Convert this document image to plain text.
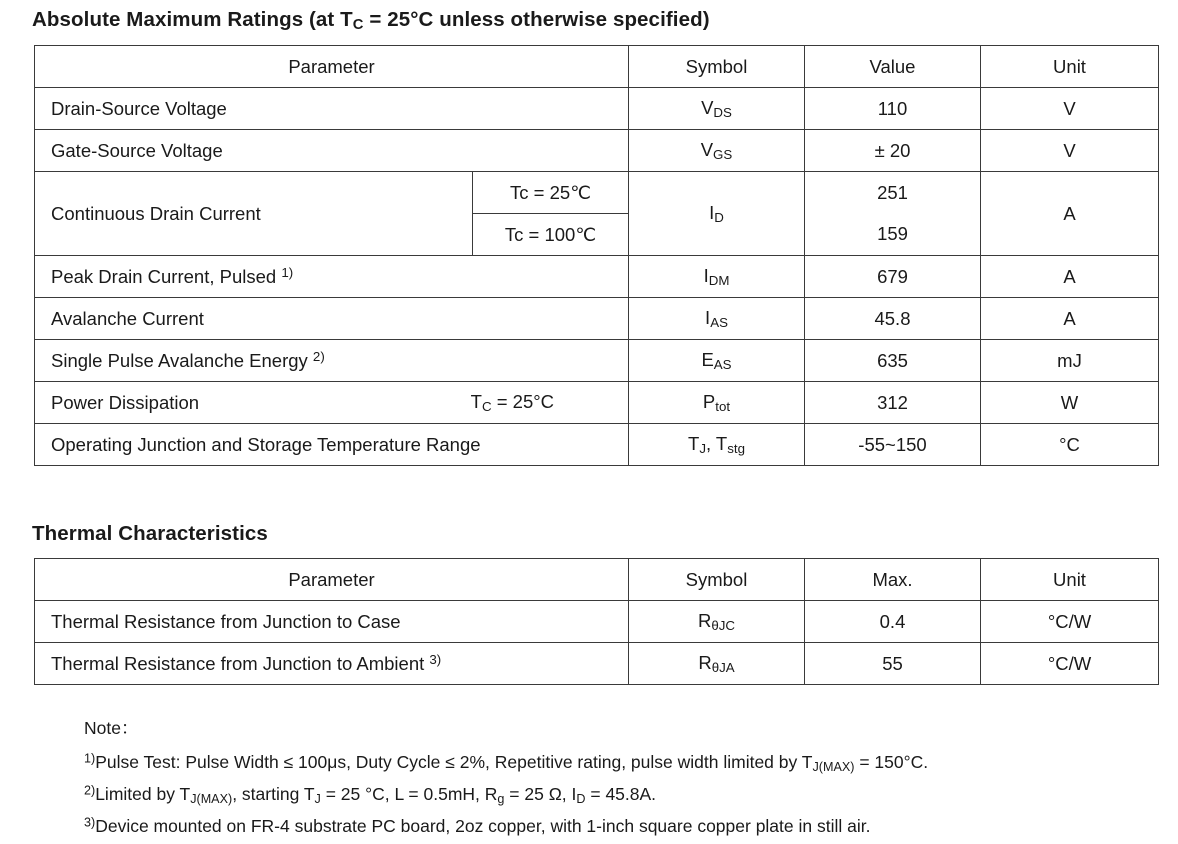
Absolute Maximum Ratings (at $T_C = 25^\circ C$ unless otherwise specified)
Parameter		Symbol	Value	Unit
Drain-Source Voltage		$V_{DS}$	110	V
Gate-Source Voltage		$V_{GS}$	± 20	V
Continuous Drain Current	Tc = 25℃	$I_D$	251	A
	Tc = 100℃		159	
Peak Drain Current, Pulsed $^{1)}$		$I_{DM}$	679	A
Avalanche Current		$I_{AS}$	45.8	A
Single Pulse Avalanche Energy $^{2)}$		$E_{AS}$	635	mJ

Power Dissipation $T_C = 25^\circ C$		$P_{tot}$	312	W
Operating Junction and Storage Temperature Range		$T_J$, $T_{stg}$	-55~150	°C
Thermal Characteristics
Parameter	Symbol	Max.	Unit
Thermal Resistance from Junction to Case	$R_{\theta JC}$	0.4	°C/W
Thermal Resistance from Junction to Ambient $^{3)}$	$R_{\theta JA}$	55	°C/W

Note：

$^{1)}$Pulse Test: Pulse Width ≤ 100μs, Duty Cycle ≤ 2%, Repetitive rating, pulse width limited by $T_{J(MAX)} = 150^\circ C$.

$^{2)}$Limited by $T_{J(MAX)}$, starting $T_J = 25$ °C, L = 0.5mH, $R_g = 25$ Ω, $I_D = 45.8A$.

$^{3)}$Device mounted on FR-4 substrate PC board, 2oz copper, with 1-inch square copper plate in still air.
